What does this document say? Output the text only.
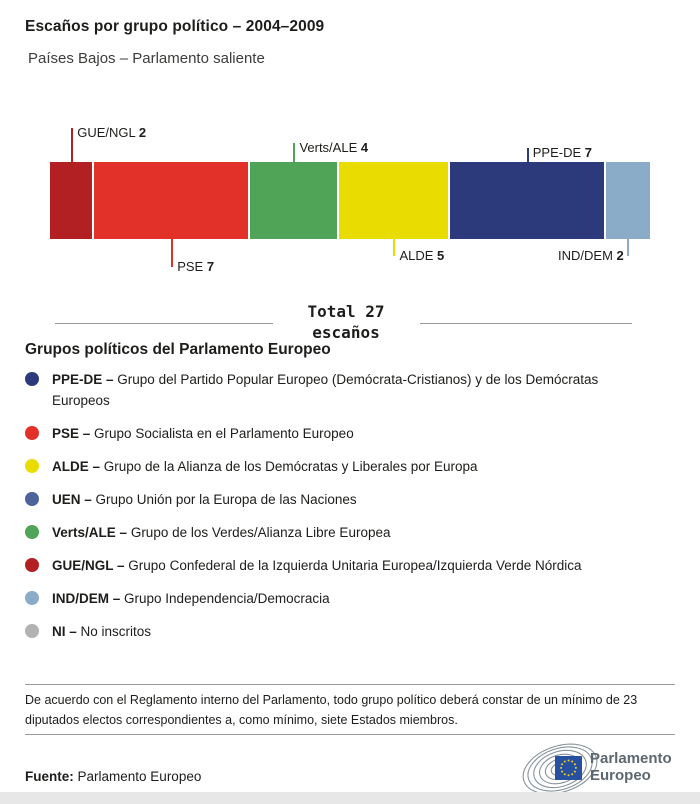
Escaños por grupo político – 2004–2009
Países Bajos – Parlamento saliente
GUE/NGL 2
PSE 7
Verts/ALE 4
ALDE 5
PPE-DE 7
IND/DEM 2
Total 27
escaños
Grupos políticos del Parlamento Europeo
PPE-DE – Grupo del Partido Popular Europeo (Demócrata-Cristianos) y de los Demócratas Europeos
PSE – Grupo Socialista en el Parlamento Europeo
ALDE – Grupo de la Alianza de los Demócratas y Liberales por Europa
UEN – Grupo Unión por la Europa de las Naciones
Verts/ALE – Grupo de los Verdes/Alianza Libre Europea
GUE/NGL – Grupo Confederal de la Izquierda Unitaria Europea/Izquierda Verde Nórdica
IND/DEM – Grupo Independencia/Democracia
NI – No inscritos
De acuerdo con el Reglamento interno del Parlamento, todo grupo político deberá constar de un mínimo de 23 diputados electos correspondientes a, como mínimo, siete Estados miembros.
Fuente: Parlamento Europeo
Parlamento
Europeo
